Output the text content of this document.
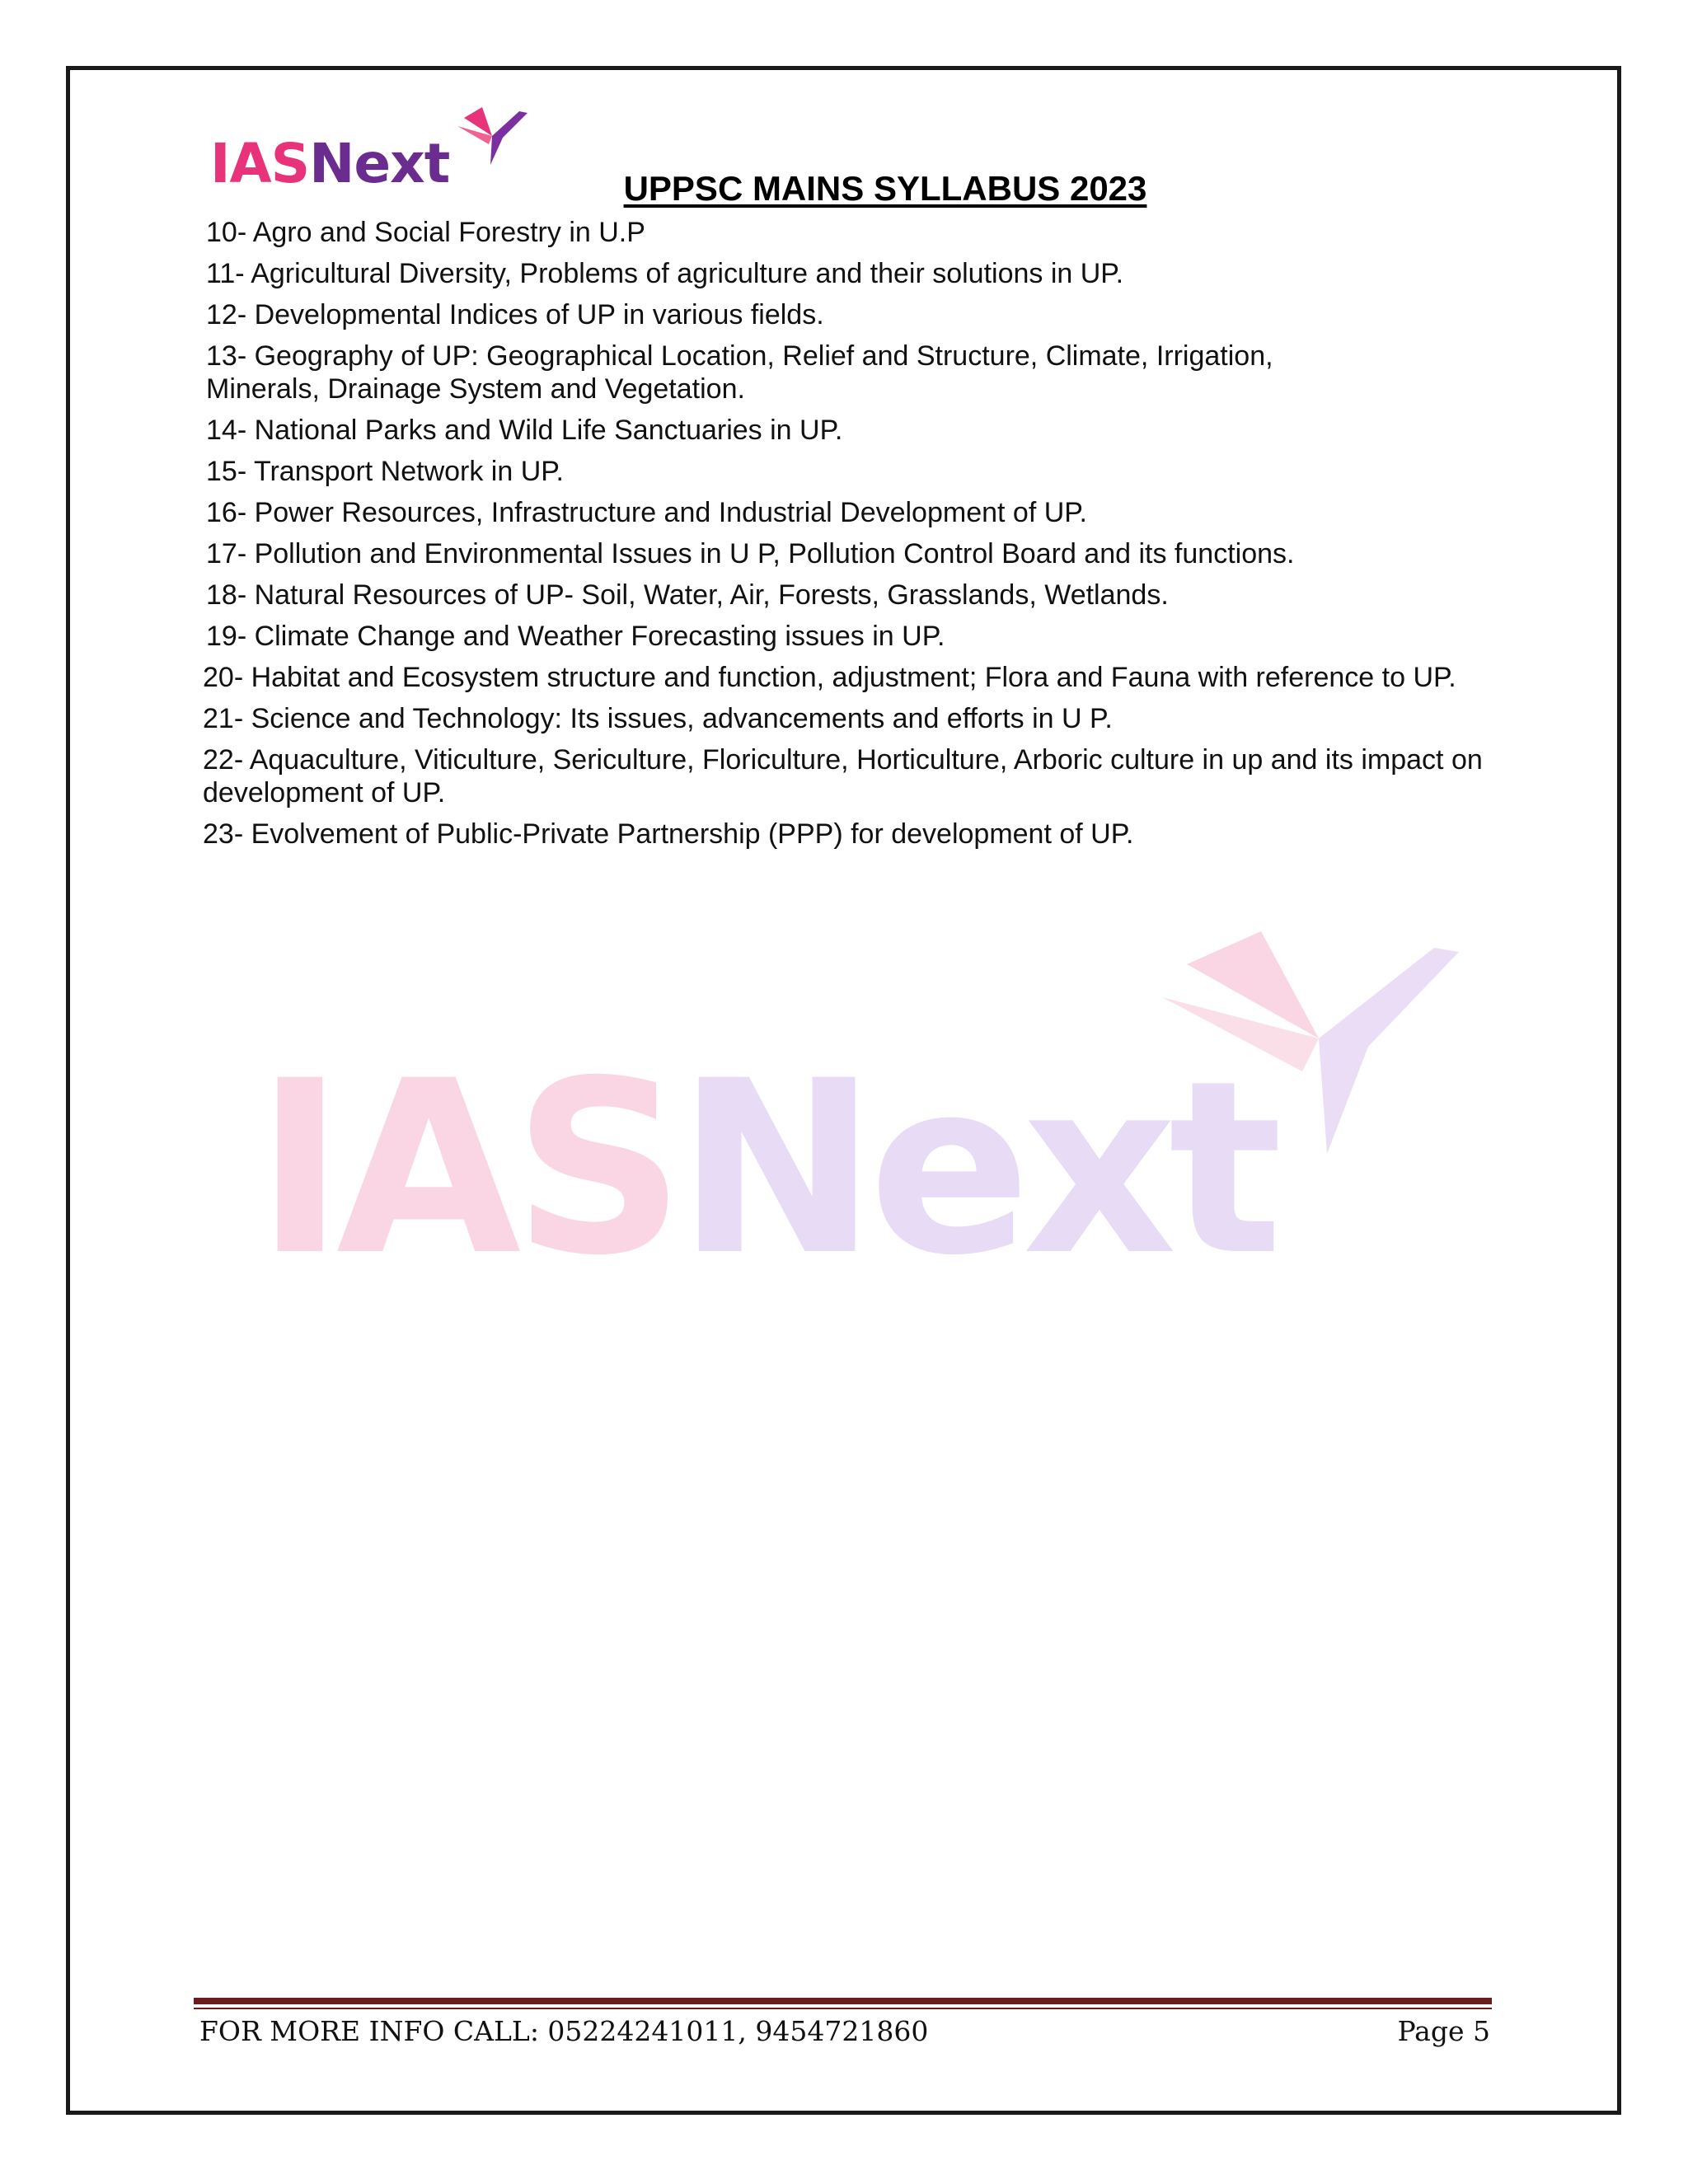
IASNext
IASNext	UPPSC MAINS SYLLABUS 2023
10- Agro and Social Forestry in U.P
11- Agricultural Diversity, Problems of agriculture and their solutions in UP.
12- Developmental Indices of UP in various fields.
13- Geography of UP: Geographical Location, Relief and Structure, Climate, Irrigation, Minerals, Drainage System and Vegetation.
14- National Parks and Wild Life Sanctuaries in UP.
15- Transport Network in UP.
16- Power Resources, Infrastructure and Industrial Development of UP.
17- Pollution and Environmental Issues in U P, Pollution Control Board and its functions.
18- Natural Resources of UP- Soil, Water, Air, Forests, Grasslands, Wetlands.
19- Climate Change and Weather Forecasting issues in UP.
20- Habitat and Ecosystem structure and function, adjustment; Flora and Fauna with reference to UP.
21- Science and Technology: Its issues, advancements and efforts in U P.
22- Aquaculture, Viticulture, Sericulture, Floriculture, Horticulture, Arboric culture in up and its impact on development of UP.
23- Evolvement of Public-Private Partnership (PPP) for development of UP.
FOR MORE INFO CALL: 05224241011, 9454721860	Page 5
